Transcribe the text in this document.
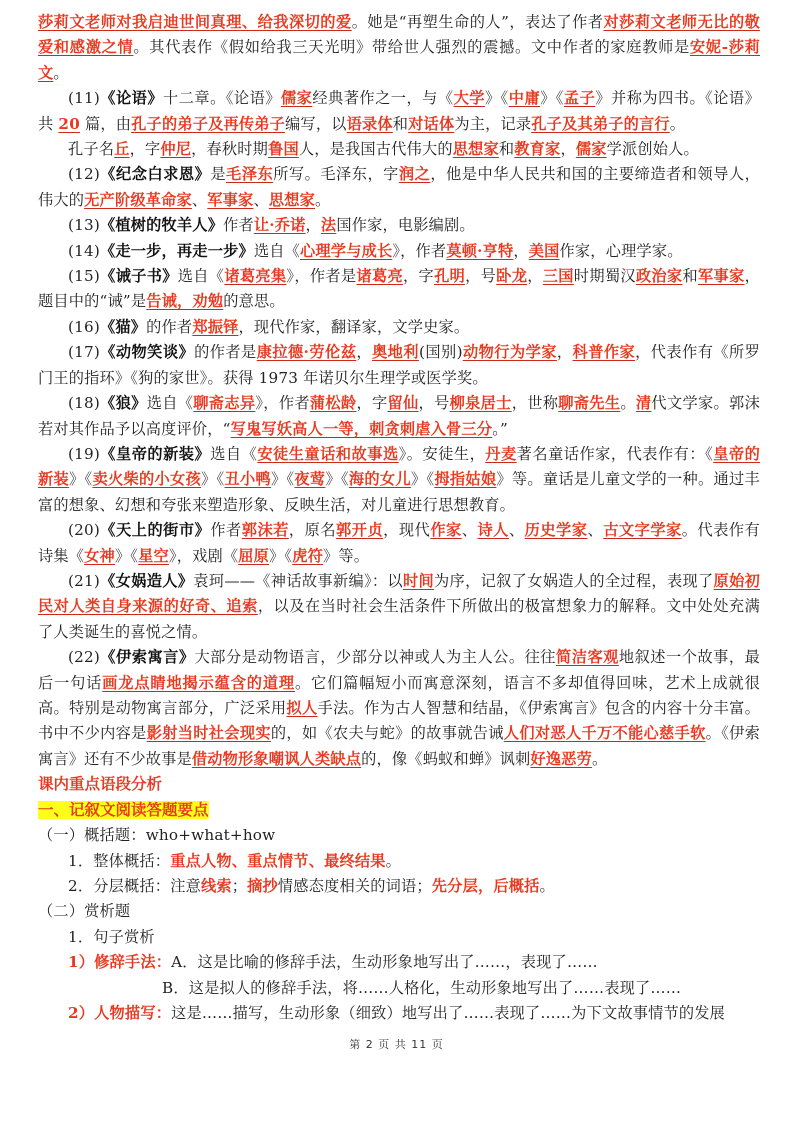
莎莉文老师对我启迪世间真理、给我深切的爱。她是“再塑生命的人”，表达了作者对莎莉文老师无比的敬爱和感激之情。其代表作《假如给我三天光明》带给世人强烈的震撼。文中作者的家庭教师是安妮-莎莉文。

(11)《论语》十二章。《论语》儒家经典著作之一，与《大学》《中庸》《孟子》并称为四书。《论语》共 20 篇，由孔子的弟子及再传弟子编写，以语录体和对话体为主，记录孔子及其弟子的言行。

孔子名丘，字仲尼，春秋时期鲁国人，是我国古代伟大的思想家和教育家，儒家学派创始人。

(12)《纪念白求恩》是毛泽东所写。毛泽东，字润之，他是中华人民共和国的主要缔造者和领导人，伟大的无产阶级革命家、军事家、思想家。

(13)《植树的牧羊人》作者让·乔诺，法国作家，电影编剧。

(14)《走一步，再走一步》选自《心理学与成长》，作者莫顿·亨特，美国作家，心理学家。

(15)《诫子书》选自《诸葛亮集》，作者是诸葛亮，字孔明，号卧龙，三国时期蜀汉政治家和军事家，题目中的“诫”是告诫，劝勉的意思。

(16)《猫》的作者郑振铎，现代作家，翻译家，文学史家。

(17)《动物笑谈》的作者是康拉德·劳伦兹，奥地利(国别)动物行为学家，科普作家，代表作有《所罗门王的指环》《狗的家世》。获得 1973 年诺贝尔生理学或医学奖。

(18)《狼》选自《聊斋志异》，作者蒲松龄，字留仙，号柳泉居士，世称聊斋先生。清代文学家。郭沫若对其作品予以高度评价，“写鬼写妖高人一等，刺贪刺虐入骨三分。”

(19)《皇帝的新装》选自《安徒生童话和故事选》。安徒生，丹麦著名童话作家，代表作有：《皇帝的新装》《卖火柴的小女孩》《丑小鸭》《夜莺》《海的女儿》《拇指姑娘》等。童话是儿童文学的一种。通过丰富的想象、幻想和夸张来塑造形象、反映生活，对儿童进行思想教育。

(20)《天上的街市》作者郭沫若，原名郭开贞，现代作家、诗人、历史学家、古文字学家。代表作有诗集《女神》《星空》，戏剧《屈原》《虎符》等。

(21)《女娲造人》袁珂——《神话故事新编》：以时间为序，记叙了女娲造人的全过程，表现了原始初民对人类自身来源的好奇、追索，以及在当时社会生活条件下所做出的极富想象力的解释。文中处处充满了人类诞生的喜悦之情。

(22)《伊索寓言》大部分是动物语言，少部分以神或人为主人公。往往简洁客观地叙述一个故事，最后一句话画龙点睛地揭示蕴含的道理。它们篇幅短小而寓意深刻，语言不多却值得回味，艺术上成就很高。特别是动物寓言部分，广泛采用拟人手法。作为古人智慧和结晶，《伊索寓言》包含的内容十分丰富。书中不少内容是影射当时社会现实的，如《农夫与蛇》的故事就告诫人们对恶人千万不能心慈手软。《伊索寓言》还有不少故事是借动物形象嘲讽人类缺点的，像《蚂蚁和蝉》讽刺好逸恶劳。

课内重点语段分析
一、记叙文阅读答题要点

（一）概括题：who+what+how

1．整体概括：重点人物、重点情节、最终结果。

2．分层概括：注意线索；摘抄情感态度相关的词语；先分层，后概括。

（二）赏析题

1．句子赏析

1）修辞手法：A．这是比喻的修辞手法，生动形象地写出了……，表现了……

B．这是拟人的修辞手法，将……人格化，生动形象地写出了……表现了……

2）人物描写：这是……描写，生动形象（细致）地写出了……表现了……为下文故事情节的发展

第 2 页 共 11 页
